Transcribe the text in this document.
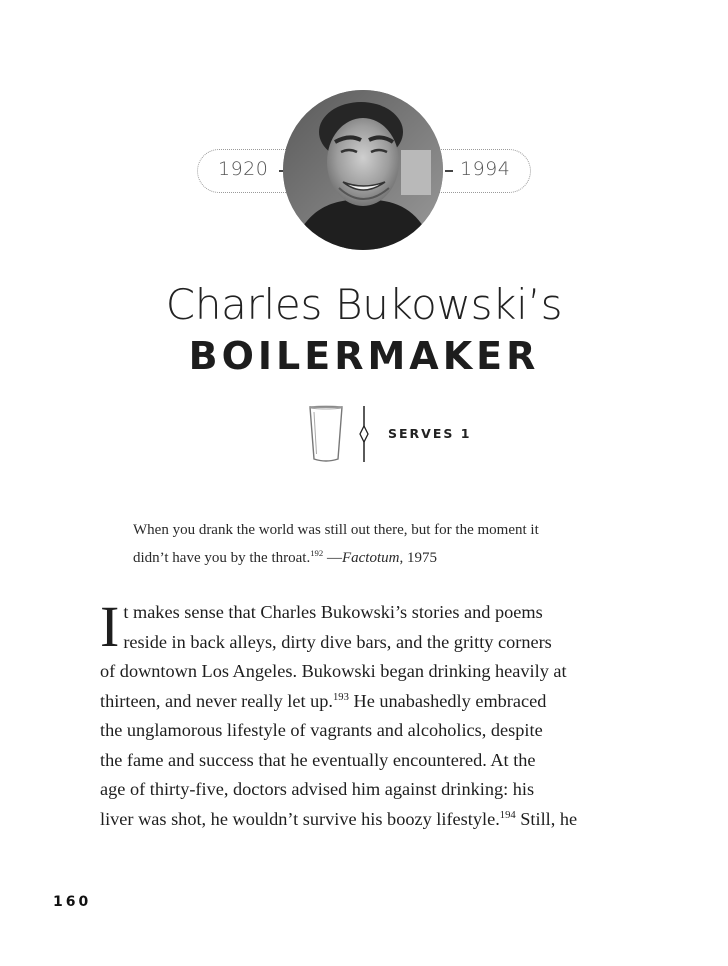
1920	1994
Charles Bukowski’s
BOILERMAKER
SERVES 1
When you drank the world was still out there, but for the moment it
didn’t have you by the throat.$^{192}$ —Factotum, 1975
I t makes sense that Charles Bukowski’s stories and poems
reside in back alleys, dirty dive bars, and the gritty corners
of downtown Los Angeles. Bukowski began drinking heavily at
thirteen, and never really let up.$^{193}$ He unabashedly embraced
the unglamorous lifestyle of vagrants and alcoholics, despite
the fame and success that he eventually encountered. At the
age of thirty-five, doctors advised him against drinking: his
liver was shot, he wouldn’t survive his boozy lifestyle.$^{194}$ Still, he
160
